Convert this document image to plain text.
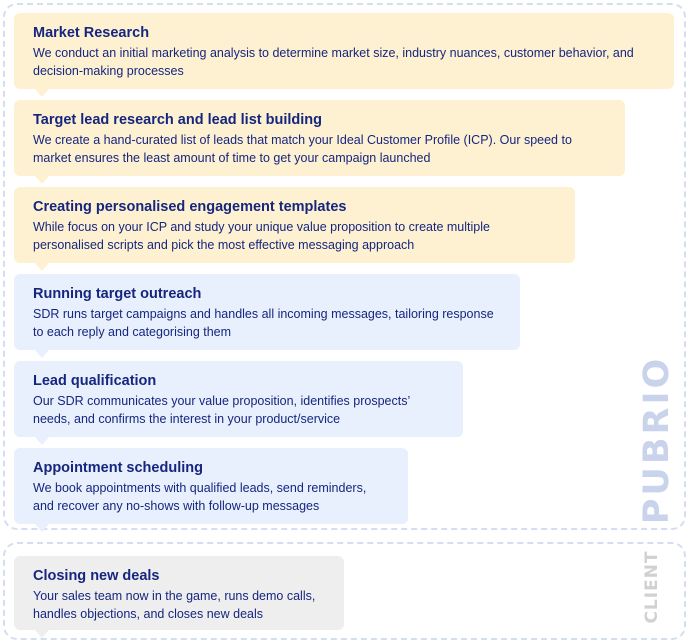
PUBRIO
CLIENT
Market Research
We conduct an initial marketing analysis to determine market size, industry nuances, customer behavior, and decision-making processes
Target lead research and lead list building
We create a hand-curated list of leads that match your Ideal Customer Profile (ICP). Our speed to market ensures the least amount of time to get your campaign launched
Creating personalised engagement templates
While focus on your ICP and study your unique value proposition to create multiple personalised scripts and pick the most effective messaging approach
Running target outreach
SDR runs target campaigns and handles all incoming messages, tailoring response to each reply and categorising them
Lead qualification
Our SDR communicates your value proposition, identifies prospects’ needs, and confirms the interest in your product/service
Appointment scheduling
We book appointments with qualified leads, send reminders, and recover any no-shows with follow-up messages
Closing new deals
Your sales team now in the game, runs demo calls, handles objections, and closes new deals
